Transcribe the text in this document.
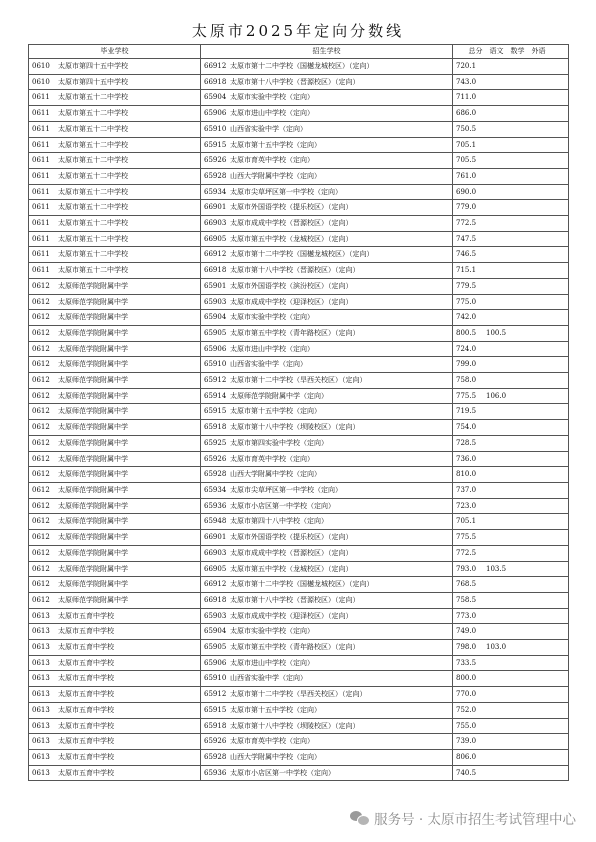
太原市2025年定向分数线
毕业学校	招生学校	总分 语文 数学 外语
0610 太原市第四十五中学校	66912 太原市第十二中学校（国樾龙城校区）（定向）	720.1
0610 太原市第四十五中学校	66918 太原市第十八中学校（晋源校区）（定向）	743.0
0611 太原市第五十二中学校	65904 太原市实验中学校（定向）	711.0
0611 太原市第五十二中学校	65906 太原市进山中学校（定向）	686.0
0611 太原市第五十二中学校	65910 山西省实验中学（定向）	750.5
0611 太原市第五十二中学校	65915 太原市第十五中学校（定向）	705.1
0611 太原市第五十二中学校	65926 太原市育英中学校（定向）	705.5
0611 太原市第五十二中学校	65928 山西大学附属中学校（定向）	761.0
0611 太原市第五十二中学校	65934 太原市尖草坪区第一中学校（定向）	690.0
0611 太原市第五十二中学校	66901 太原市外国语学校（提乐校区）（定向）	779.0
0611 太原市第五十二中学校	66903 太原市成成中学校（晋源校区）（定向）	772.5
0611 太原市第五十二中学校	66905 太原市第五中学校（龙城校区）（定向）	747.5
0611 太原市第五十二中学校	66912 太原市第十二中学校（国樾龙城校区）（定向）	746.5
0611 太原市第五十二中学校	66918 太原市第十八中学校（晋源校区）（定向）	715.1
0612 太原师范学院附属中学	65901 太原市外国语学校（滨汾校区）（定向）	779.5
0612 太原师范学院附属中学	65903 太原市成成中学校（迎泽校区）（定向）	775.0
0612 太原师范学院附属中学	65904 太原市实验中学校（定向）	742.0
0612 太原师范学院附属中学	65905 太原市第五中学校（青年路校区）（定向）	800.5 100.5
0612 太原师范学院附属中学	65906 太原市进山中学校（定向）	724.0
0612 太原师范学院附属中学	65910 山西省实验中学（定向）	799.0
0612 太原师范学院附属中学	65912 太原市第十二中学校（旱西关校区）（定向）	758.0
0612 太原师范学院附属中学	65914 太原师范学院附属中学（定向）	775.5 106.0
0612 太原师范学院附属中学	65915 太原市第十五中学校（定向）	719.5
0612 太原师范学院附属中学	65918 太原市第十八中学校（坝陵校区）（定向）	754.0
0612 太原师范学院附属中学	65925 太原市第四实验中学校（定向）	728.5
0612 太原师范学院附属中学	65926 太原市育英中学校（定向）	736.0
0612 太原师范学院附属中学	65928 山西大学附属中学校（定向）	810.0
0612 太原师范学院附属中学	65934 太原市尖草坪区第一中学校（定向）	737.0
0612 太原师范学院附属中学	65936 太原市小店区第一中学校（定向）	723.0
0612 太原师范学院附属中学	65948 太原市第四十八中学校（定向）	705.1
0612 太原师范学院附属中学	66901 太原市外国语学校（提乐校区）（定向）	775.5
0612 太原师范学院附属中学	66903 太原市成成中学校（晋源校区）（定向）	772.5
0612 太原师范学院附属中学	66905 太原市第五中学校（龙城校区）（定向）	793.0 103.5
0612 太原师范学院附属中学	66912 太原市第十二中学校（国樾龙城校区）（定向）	768.5
0612 太原师范学院附属中学	66918 太原市第十八中学校（晋源校区）（定向）	758.5
0613 太原市五育中学校	65903 太原市成成中学校（迎泽校区）（定向）	773.0
0613 太原市五育中学校	65904 太原市实验中学校（定向）	749.0
0613 太原市五育中学校	65905 太原市第五中学校（青年路校区）（定向）	798.0 103.0
0613 太原市五育中学校	65906 太原市进山中学校（定向）	733.5
0613 太原市五育中学校	65910 山西省实验中学（定向）	800.0
0613 太原市五育中学校	65912 太原市第十二中学校（旱西关校区）（定向）	770.0
0613 太原市五育中学校	65915 太原市第十五中学校（定向）	752.0
0613 太原市五育中学校	65918 太原市第十八中学校（坝陵校区）（定向）	755.0
0613 太原市五育中学校	65926 太原市育英中学校（定向）	739.0
0613 太原市五育中学校	65928 山西大学附属中学校（定向）	806.0
0613 太原市五育中学校	65936 太原市小店区第一中学校（定向）	740.5
服务号 · 太原市招生考试管理中心
